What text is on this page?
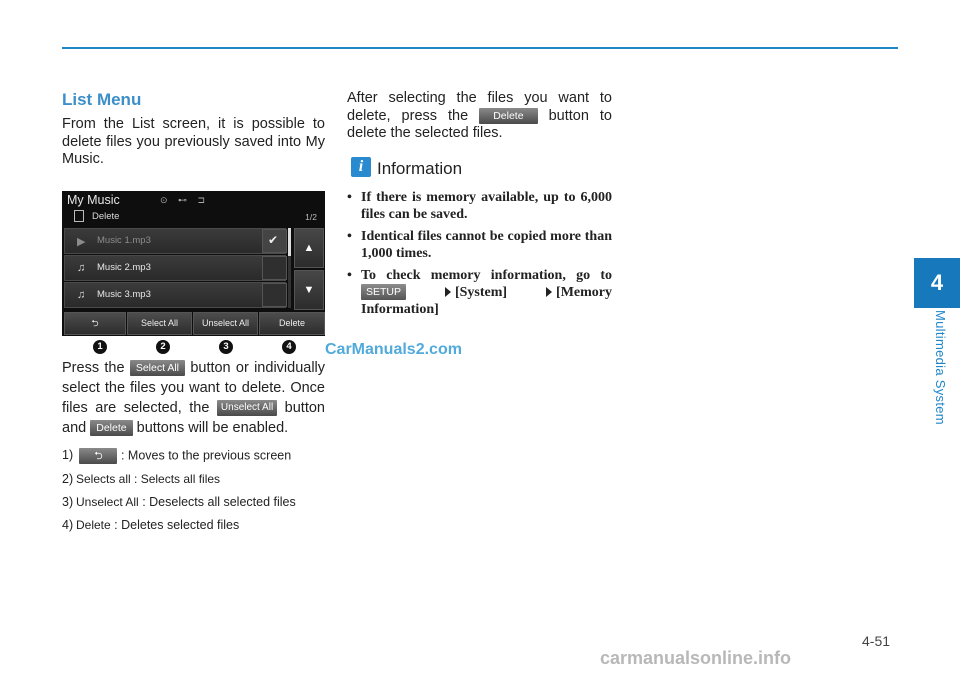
4
Multimedia System
List Menu

From the List screen, it is possible to delete files you previously saved into My Music.

My Music	⊙ ⊷ ⊐
Delete	1/2
▶ Music 1.mp3	✔
♫ Music 2.mp3
♫ Music 3.mp3
▲
▼
⮌	Select All	Unselect All	Delete
1	2	3	4

Press the Select All button or individually select the files you want to delete. Once files are selected, the Unselect All button and Delete buttons will be enabled.

1) ⮌ : Moves to the previous screen
2) Selects all : Selects all files
3) Unselect All : Deselects all selected files
4) Delete : Deletes selected files

After selecting the files you want to delete, press the Delete button to delete the selected files.

i Information
• If there is memory available, up to 6,000 files can be saved.
• Identical files cannot be copied more than 1,000 times.
• To check memory information, go to SETUP	[System]	[Memory Information]
CarManuals2.com
4-51
carmanualsonline.info
